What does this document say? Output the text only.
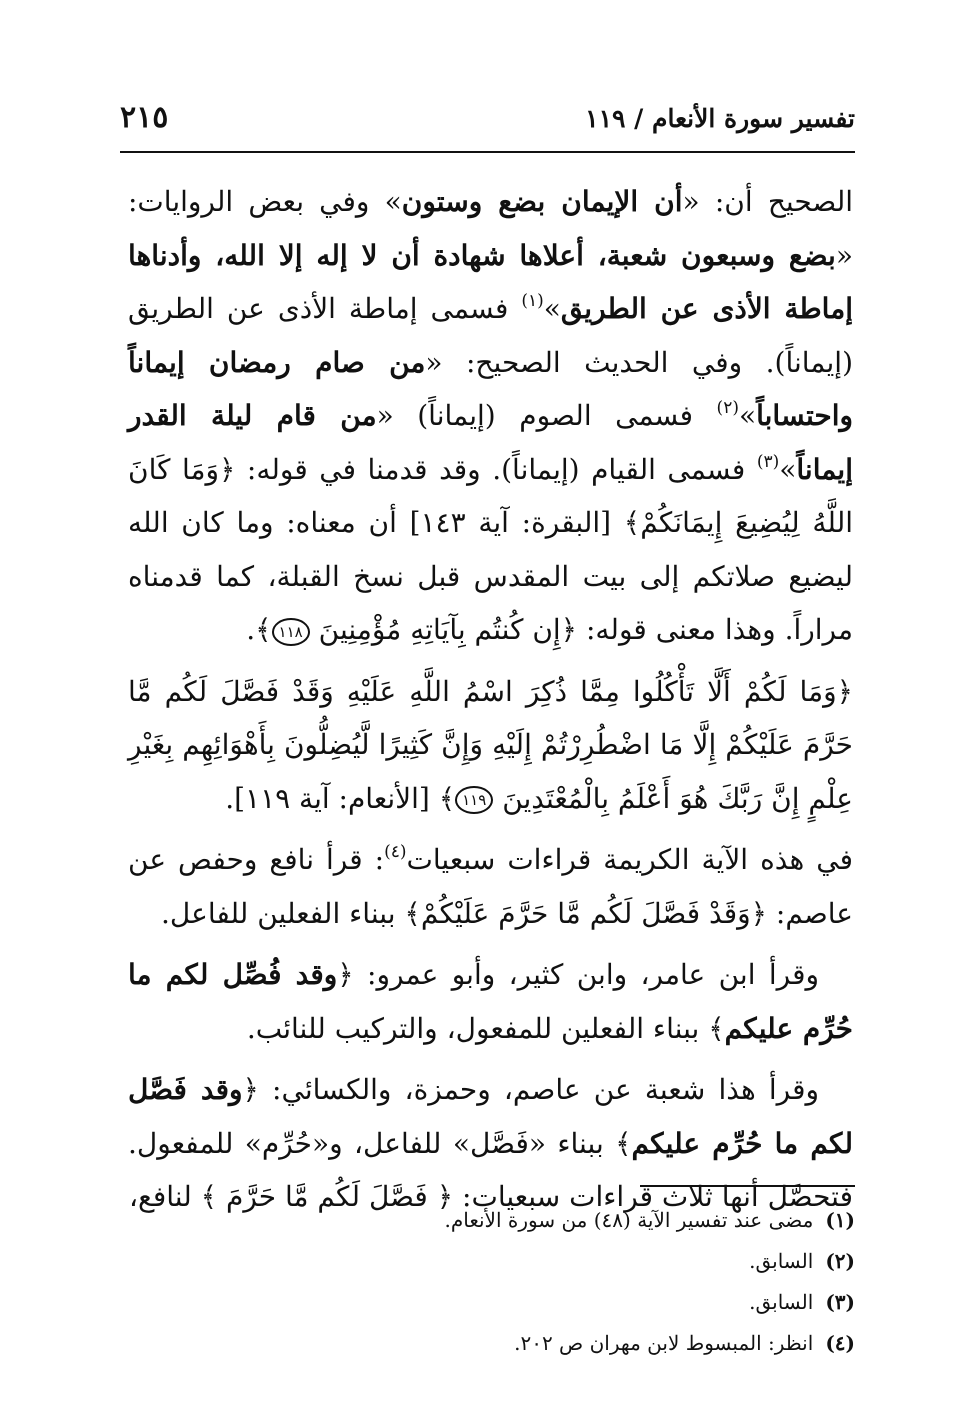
تفسير سورة الأنعام / ١١٩
٢١٥

الصحيح أن: «أن الإيمان بضع وستون» وفي بعض الروايات: «بضع وسبعون شعبة، أعلاها شهادة أن لا إله إلا الله، وأدناها إماطة الأذى عن الطريق»$^{(١)}$ فسمى إماطة الأذى عن الطريق (إيماناً). وفي الحديث الصحيح: «من صام رمضان إيماناً واحتساباً»$^{(٢)}$ فسمى الصوم (إيماناً) «من قام ليلة القدر إيماناً»$^{(٣)}$ فسمى القيام (إيماناً). وقد قدمنا في قوله: ﴿وَمَا كَانَ اللَّهُ لِيُضِيعَ إِيمَانَكُمْ﴾ [البقرة: آية ١٤٣] أن معناه: وما كان الله ليضيع صلاتكم إلى بيت المقدس قبل نسخ القبلة، كما قدمناه مراراً. وهذا معنى قوله: ﴿إِن كُنتُم بِآيَاتِهِ مُؤْمِنِينَ ١١٨﴾.

﴿وَمَا لَكُمْ أَلَّا تَأْكُلُوا مِمَّا ذُكِرَ اسْمُ اللَّهِ عَلَيْهِ وَقَدْ فَصَّلَ لَكُم مَّا حَرَّمَ عَلَيْكُمْ إِلَّا مَا اضْطُرِرْتُمْ إِلَيْهِ وَإِنَّ كَثِيرًا لَّيُضِلُّونَ بِأَهْوَائِهِم بِغَيْرِ عِلْمٍ إِنَّ رَبَّكَ هُوَ أَعْلَمُ بِالْمُعْتَدِينَ ١١٩﴾ [الأنعام: آية ١١٩].

في هذه الآية الكريمة قراءات سبعيات$^{(٤)}$: قرأ نافع وحفص عن عاصم: ﴿وَقَدْ فَصَّلَ لَكُم مَّا حَرَّمَ عَلَيْكُمْ﴾ ببناء الفعلين للفاعل.

وقرأ ابن عامر، وابن كثير، وأبو عمرو: ﴿وقد فُصِّل لكم ما حُرِّم عليكم﴾ ببناء الفعلين للمفعول، والتركيب للنائب.

وقرأ هذا شعبة عن عاصم، وحمزة، والكسائي: ﴿وقد فَصَّل لكم ما حُرِّم عليكم﴾ ببناء «فَصَّل» للفاعل، و«حُرِّم» للمفعول. فتحصَّل أنها ثلاث قراءات سبعيات: ﴿ فَصَّلَ لَكُم مَّا حَرَّمَ ﴾ لنافع،

(١)مضى عند تفسير الآية (٤٨) من سورة الأنعام.
(٢)السابق.
(٣)السابق.
(٤)انظر: المبسوط لابن مهران ص ٢٠٢.
